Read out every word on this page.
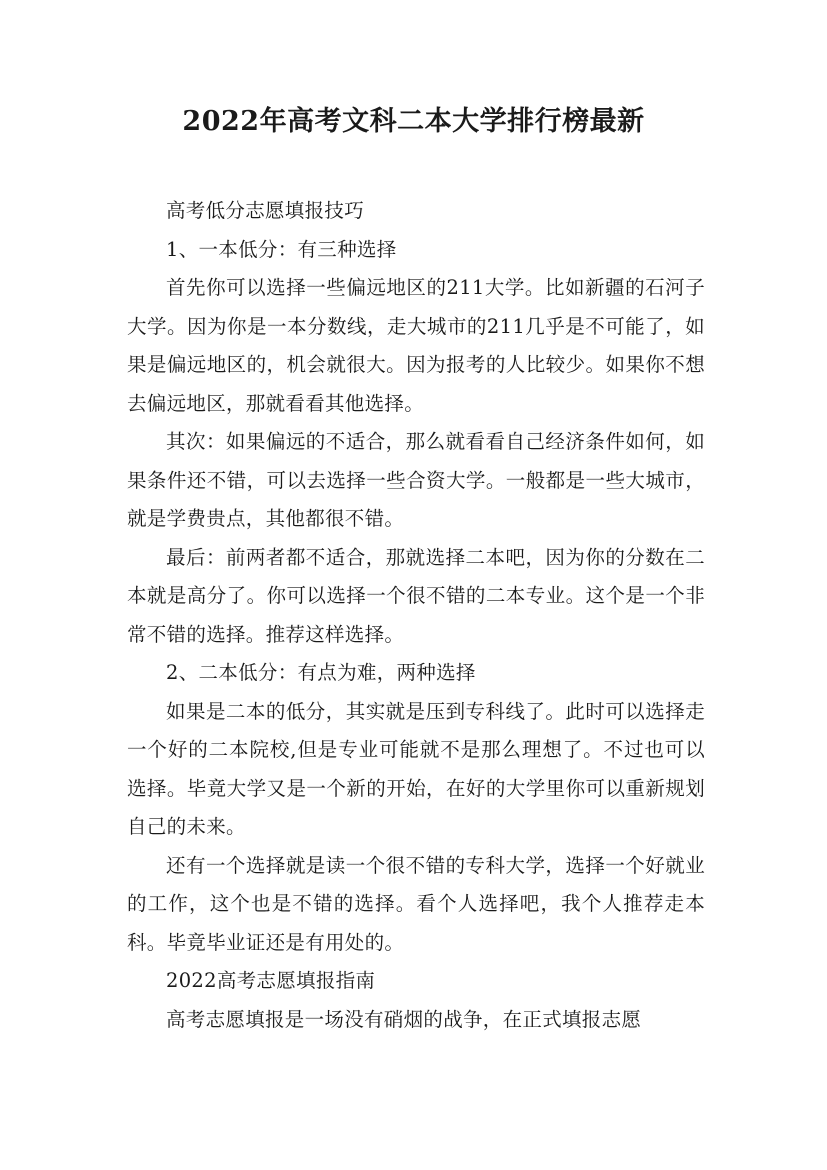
2022年高考文科二本大学排行榜最新

高考低分志愿填报技巧

1、一本低分：有三种选择

首先你可以选择一些偏远地区的211大学。比如新疆的石河子大学。因为你是一本分数线，走大城市的211几乎是不可能了，如果是偏远地区的，机会就很大。因为报考的人比较少。如果你不想去偏远地区，那就看看其他选择。

其次：如果偏远的不适合，那么就看看自己经济条件如何，如果条件还不错，可以去选择一些合资大学。一般都是一些大城市，就是学费贵点，其他都很不错。

最后：前两者都不适合，那就选择二本吧，因为你的分数在二本就是高分了。你可以选择一个很不错的二本专业。这个是一个非常不错的选择。推荐这样选择。

2、二本低分：有点为难，两种选择

如果是二本的低分，其实就是压到专科线了。此时可以选择走一个好的二本院校,但是专业可能就不是那么理想了。不过也可以选择。毕竟大学又是一个新的开始，在好的大学里你可以重新规划自己的未来。

还有一个选择就是读一个很不错的专科大学，选择一个好就业的工作，这个也是不错的选择。看个人选择吧，我个人推荐走本科。毕竟毕业证还是有用处的。

2022高考志愿填报指南

高考志愿填报是一场没有硝烟的战争，在正式填报志愿
